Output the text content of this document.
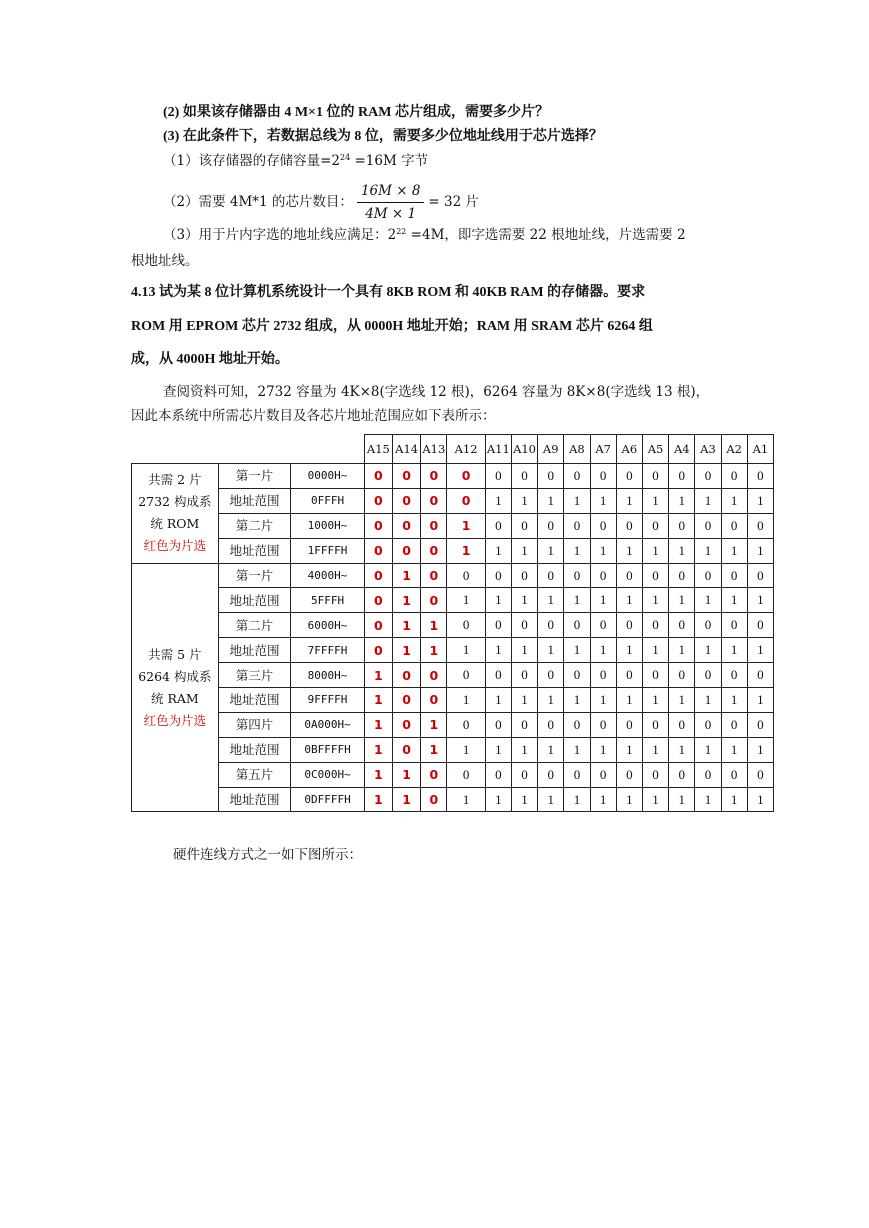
(2) 如果该存储器由 4 M×1 位的 RAM 芯片组成，需要多少片？
(3) 在此条件下，若数据总线为 8 位，需要多少位地址线用于芯片选择？
（1）该存储器的存储容量$=2^{24} =16M$ 字节
（2）需要 4M*1 的芯片数目： $\frac{16M \times 8}{4M \times 1} = 32$ 片
（3）用于片内字选的地址线应满足：$2^{22} =4M$，即字选需要 22 根地址线，片选需要 2
根地址线。
4.13 试为某 8 位计算机系统设计一个具有 8KB ROM 和 40KB RAM 的存储器。要求
ROM 用 EPROM 芯片 2732 组成，从 0000H 地址开始；RAM 用 SRAM 芯片 6264 组
成，从 4000H 地址开始。
查阅资料可知，2732 容量为 4K×8(字选线 12 根)，6264 容量为 8K×8(字选线 13 根)，
因此本系统中所需芯片数目及各芯片地址范围应如下表所示：
			A15	A14	A13	A12	A11	A10	A9	A8	A7	A6	A5	A4	A3	A2	A1

共需 2 片
2732 构成系
统 ROM
红色为片选	第一片	0000H~	0	0	0	0	0	0	0	0	0	0	0	0	0	0	0
	地址范围	0FFFH	0	0	0	0	1	1	1	1	1	1	1	1	1	1	1
	第二片	1000H~	0	0	0	1	0	0	0	0	0	0	0	0	0	0	0
	地址范围	1FFFFH	0	0	0	1	1	1	1	1	1	1	1	1	1	1	1

共需 5 片
6264 构成系
统 RAM
红色为片选	第一片	4000H~	0	1	0	0	0	0	0	0	0	0	0	0	0	0	0
	地址范围	5FFFH	0	1	0	1	1	1	1	1	1	1	1	1	1	1	1
	第二片	6000H~	0	1	1	0	0	0	0	0	0	0	0	0	0	0	0
	地址范围	7FFFFH	0	1	1	1	1	1	1	1	1	1	1	1	1	1	1
	第三片	8000H~	1	0	0	0	0	0	0	0	0	0	0	0	0	0	0
	地址范围	9FFFFH	1	0	0	1	1	1	1	1	1	1	1	1	1	1	1
	第四片	0A000H~	1	0	1	0	0	0	0	0	0	0	0	0	0	0	0
	地址范围	0BFFFFH	1	0	1	1	1	1	1	1	1	1	1	1	1	1	1
	第五片	0C000H~	1	1	0	0	0	0	0	0	0	0	0	0	0	0	0
	地址范围	0DFFFFH	1	1	0	1	1	1	1	1	1	1	1	1	1	1	1
硬件连线方式之一如下图所示：
